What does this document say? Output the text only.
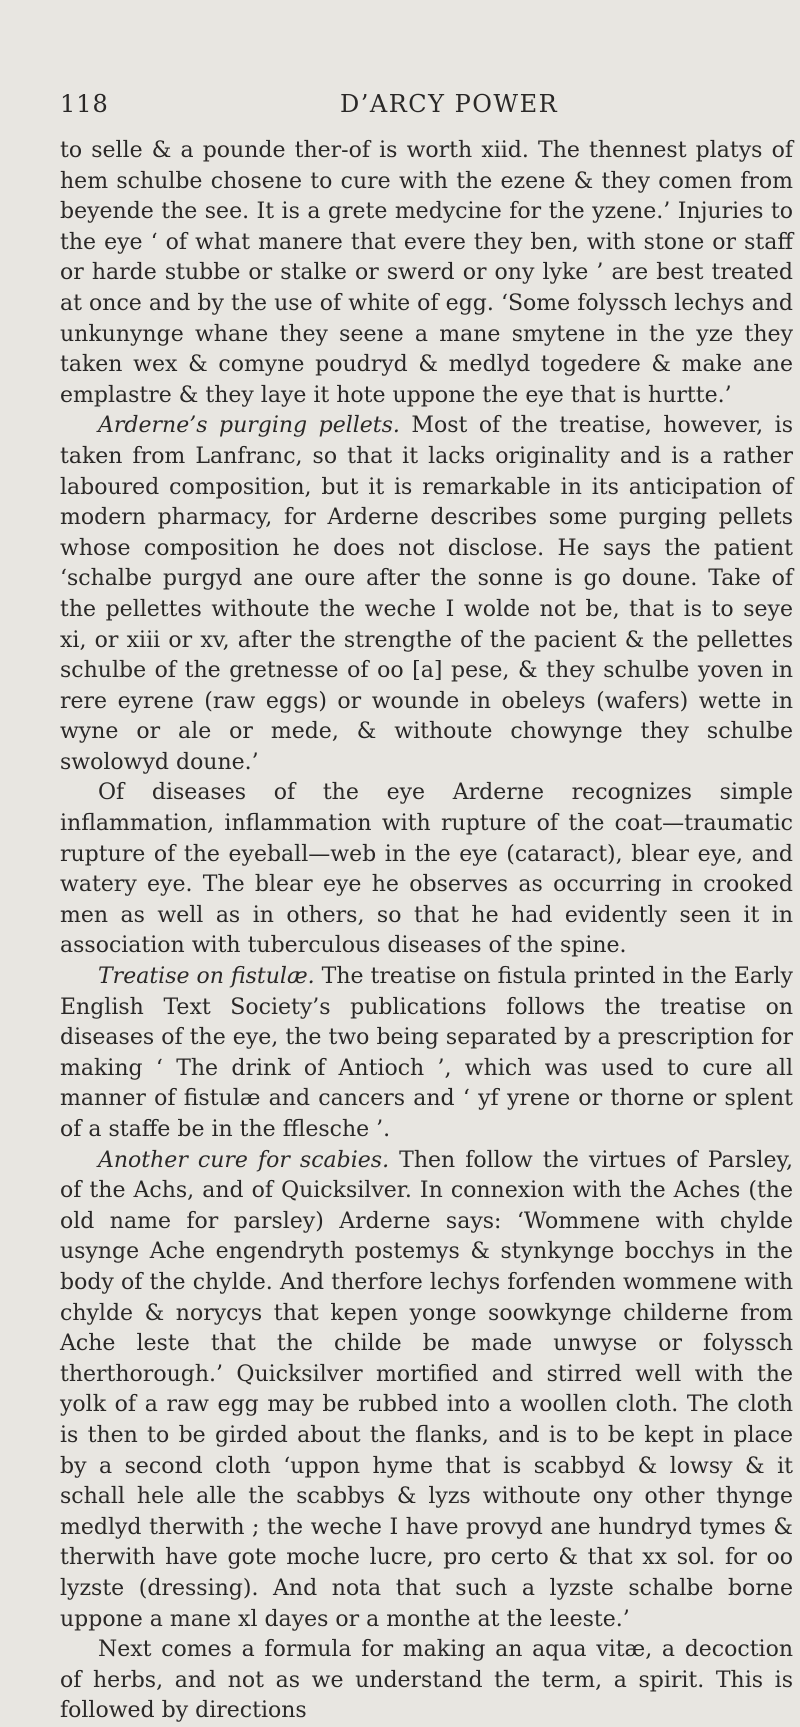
118	D’ARCY POWER

to selle & a pounde ther-of is worth xiid. The thennest platys of hem schulbe chosene to cure with the ezene & they comen from beyende the see. It is a grete medycine for the yzene.’ Injuries to the eye ‘ of what manere that evere they ben, with stone or staff or harde stubbe or stalke or swerd or ony lyke ’ are best treated at once and by the use of white of egg. ‘Some folyssch lechys and unkunynge whane they seene a mane smytene in the yze they taken wex & comyne poudryd & medlyd togedere & make ane emplastre & they laye it hote uppone the eye that is hurtte.’

Arderne’s purging pellets. Most of the treatise, however, is taken from Lanfranc, so that it lacks originality and is a rather laboured composition, but it is remarkable in its anticipation of modern pharmacy, for Arderne describes some purging pellets whose composition he does not disclose. He says the patient ‘schalbe purgyd ane oure after the sonne is go doune. Take of the pellettes withoute the weche I wolde not be, that is to seye xi, or xiii or xv, after the strengthe of the pacient & the pellettes schulbe of the gretnesse of oo [a] pese, & they schulbe yoven in rere eyrene (raw eggs) or wounde in obeleys (wafers) wette in wyne or ale or mede, & withoute chowynge they schulbe swolowyd doune.’

Of diseases of the eye Arderne recognizes simple inflammation, inflammation with rupture of the coat—traumatic rupture of the eyeball—web in the eye (cataract), blear eye, and watery eye. The blear eye he observes as occurring in crooked men as well as in others, so that he had evidently seen it in association with tuberculous diseases of the spine.

Treatise on fistulæ. The treatise on fistula printed in the Early English Text Society’s publications follows the treatise on diseases of the eye, the two being separated by a prescription for making ‘ The drink of Antioch ’, which was used to cure all manner of fistulæ and cancers and ‘ yf yrene or thorne or splent of a staffe be in the fflesche ’.

Another cure for scabies. Then follow the virtues of Parsley, of the Achs, and of Quicksilver. In connexion with the Aches (the old name for parsley) Arderne says: ‘Wommene with chylde usynge Ache engendryth postemys & stynkynge bocchys in the body of the chylde. And therfore lechys forfenden wommene with chylde & norycys that kepen yonge soowkynge childerne from Ache leste that the childe be made unwyse or folyssch therthorough.’ Quicksilver mortified and stirred well with the yolk of a raw egg may be rubbed into a woollen cloth. The cloth is then to be girded about the flanks, and is to be kept in place by a second cloth ‘uppon hyme that is scabbyd & lowsy & it schall hele alle the scabbys & lyzs withoute ony other thynge medlyd therwith ; the weche I have provyd ane hundryd tymes & therwith have gote moche lucre, pro certo & that xx sol. for oo lyzste (dressing). And nota that such a lyzste schalbe borne uppone a mane xl dayes or a monthe at the leeste.’

Next comes a formula for making an aqua vitæ, a decoction of herbs, and not as we understand the term, a spirit. This is followed by directions
